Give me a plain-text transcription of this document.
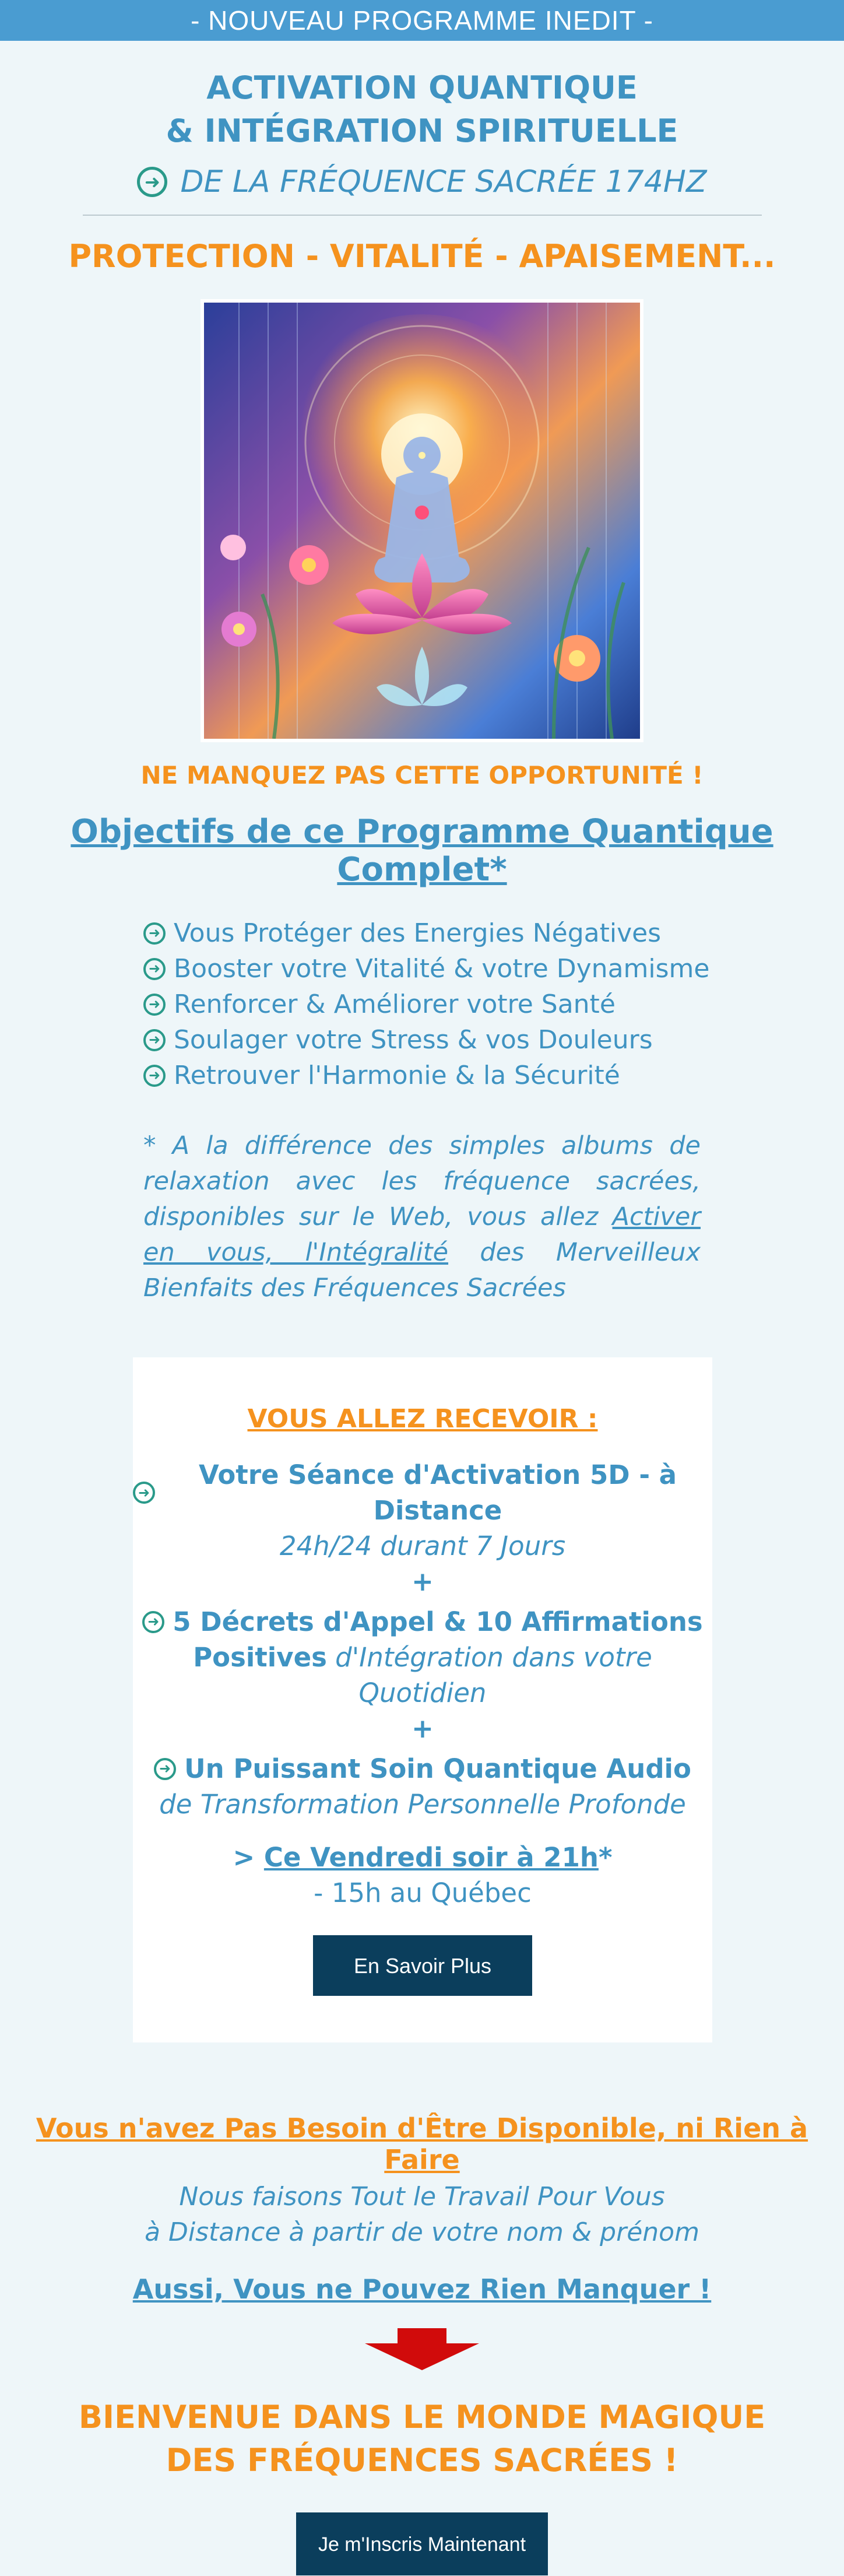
- NOUVEAU PROGRAMME INEDIT -
ACTIVATION QUANTIQUE
& INTÉGRATION SPIRITUELLE
➜ DE LA FRÉQUENCE SACRÉE 174HZ
PROTECTION - VITALITÉ - APAISEMENT...
NE MANQUEZ PAS CETTE OPPORTUNITÉ !
Objectifs de ce Programme Quantique Complet*
➜ Vous Protéger des Energies Négatives
➜ Booster votre Vitalité & votre Dynamisme
➜ Renforcer & Améliorer votre Santé
➜ Soulager votre Stress & vos Douleurs
➜ Retrouver l'Harmonie & la Sécurité
* A la différence des simples albums de relaxation avec les fréquence sacrées, disponibles sur le Web, vous allez Activer en vous, l'Intégralité des Merveilleux Bienfaits des Fréquences Sacrées
VOUS ALLEZ RECEVOIR :
➜
Votre Séance d'Activation 5D - à Distance
24h/24 durant 7 Jours
+
➜ 5 Décrets d'Appel & 10 Affirmations
Positives d'Intégration dans votre Quotidien
+
➜ Un Puissant Soin Quantique Audio
de Transformation Personnelle Profonde
> Ce Vendredi soir à 21h*
- 15h au Québec
En Savoir Plus
Vous n'avez Pas Besoin d'Être Disponible, ni Rien à Faire
Nous faisons Tout le Travail Pour Vous
à Distance à partir de votre nom & prénom
Aussi, Vous ne Pouvez Rien Manquer !
BIENVENUE DANS LE MONDE MAGIQUE
DES FRÉQUENCES SACRÉES !
Je m'Inscris Maintenant
